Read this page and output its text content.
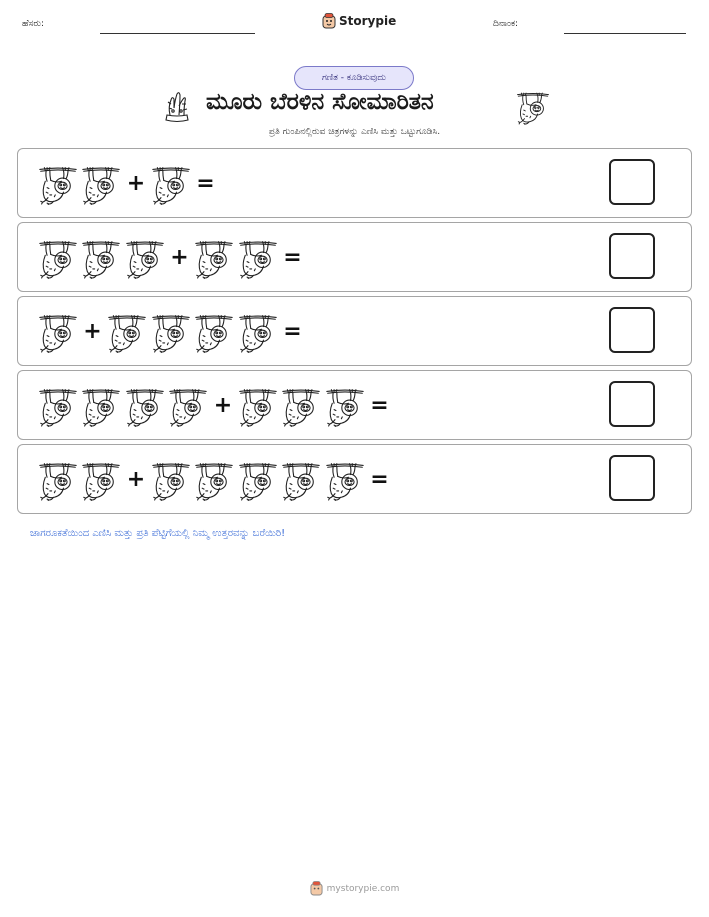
ಹೆಸರು:	Storypie	ದಿನಾಂಕ:
ಗಣಿತ - ಕೂಡಿಸುವುದು
ಮೂರು ಬೆರಳಿನ ಸೋಮಾರಿತನ
ಪ್ರತಿ ಗುಂಪಿನಲ್ಲಿರುವ ಚಿತ್ರಗಳನ್ನು ಎಣಿಸಿ ಮತ್ತು ಒಟ್ಟುಗೂಡಿಸಿ.
+ =
+	=
+	=
+	=
+	=
ಜಾಗರೂಕತೆಯಿಂದ ಎಣಿಸಿ ಮತ್ತು ಪ್ರತಿ ಪೆಟ್ಟಿಗೆಯಲ್ಲಿ ನಿಮ್ಮ ಉತ್ತರವನ್ನು ಬರೆಯಿರಿ!
mystorypie.com
